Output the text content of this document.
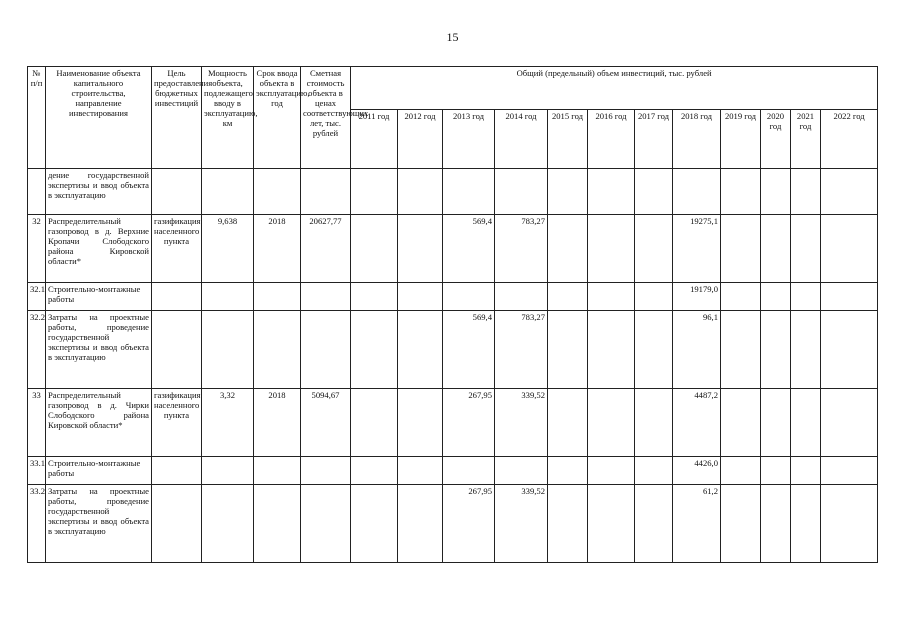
15
№ п/п	Наименование объекта капитального строительства, направление инвестирования	Цель предоставления бюджетных инвестиций	Мощность объекта, подлежащего вводу в эксплуатацию, км	Срок ввода объекта в эксплуатацию, год	Сметная стоимость объекта в ценах соответствующих лет, тыс. рублей	Общий (предельный) объем инвестиций, тыс. рублей											
						2011 год	2012 год	2013 год	2014 год	2015 год	2016 год	2017 год	2018 год	2019 год	2020 год	2021 год	2022 год
	дение государственной экспертизы и ввод объекта в эксплуатацию																
32	Распределительный газопровод в д. Верхние Кропачи Слободского района Кировской области*	газификация населенного пункта	9,638	2018	20627,77			569,4	783,27				19275,1				
32.1	Строительно-монтажные работы												19179,0				
32.2	Затраты на проектные работы, проведение государственной экспертизы и ввод объекта в эксплуатацию							569,4	783,27				96,1				
33	Распределительный газопровод в д. Чирки Слободского района Кировской области*	газификация населенного пункта	3,32	2018	5094,67			267,95	339,52				4487,2				
33.1	Строительно-монтажные работы												4426,0				
33.2	Затраты на проектные работы, проведение государственной экспертизы и ввод объекта в эксплуатацию							267,95	339,52				61,2				
